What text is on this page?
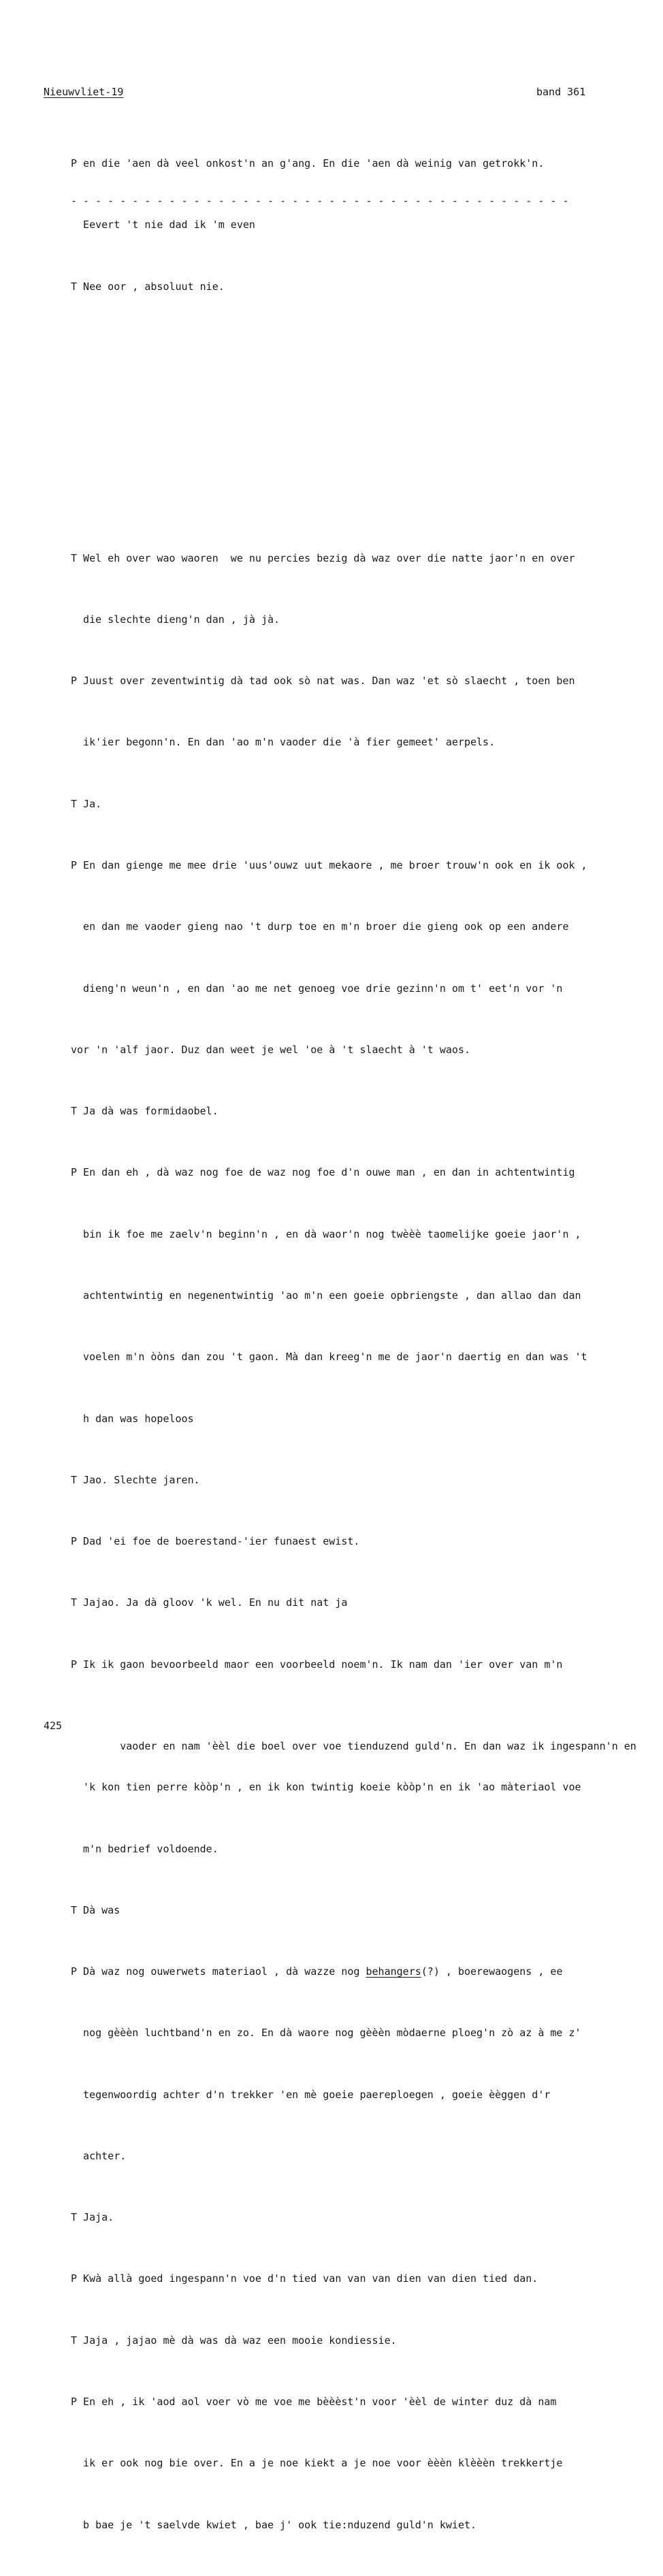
Nieuwvliet-19	band 361

P en die 'aen dà veel onkost'n an g'ang. En die 'aen dà weinig van getrokk'n.

Eevert 't nie dad ik 'm even

T Nee oor , absoluut nie.

T Wel eh over wao waoren  we nu percies bezig dà waz over die natte jaor'n en over

die slechte dieng'n dan , jà jà.

P Juust over zeventwintig dà tad ook sò nat was. Dan waz 'et sò slaecht , toen ben

ik'ier begonn'n. En dan 'ao m'n vaoder die 'à fier gemeet' aerpels.

T Ja.

P En dan gienge me mee drie 'uus'ouwz uut mekaore , me broer trouw'n ook en ik ook ,

en dan me vaoder gieng nao 't durp toe en m'n broer die gieng ook op een andere

dieng'n weun'n , en dan 'ao me net genoeg voe drie gezinn'n om t' eet'n vor 'n

vor 'n 'alf jaor. Duz dan weet je wel 'oe à 't slaecht à 't waos.

T Ja dà was formidaobel.

P En dan eh , dà waz nog foe de waz nog foe d'n ouwe man , en dan in achtentwintig

bin ik foe me zaelv'n beginn'n , en dà waor'n nog twèèè taomelijke goeie jaor'n ,

achtentwintig en negenentwintig 'ao m'n een goeie opbriengste , dan allao dan dan

voelen m'n òòns dan zou 't gaon. Mà dan kreeg'n me de jaor'n daertig en dan was 't

h dan was hopeloos

T Jao. Slechte jaren.

P Dad 'ei foe de boerestand-'ier funaest ewist.

T Jajao. Ja dà gloov 'k wel. En nu dit nat ja

P Ik ik gaon bevoorbeeld maor een voorbeeld noem'n. Ik nam dan 'ier over van m'n

425
vaoder en nam 'èèl die boel over voe tienduzend guld'n. En dan waz ik ingespann'n en

'k kon tien perre kòòp'n , en ik kon twintig koeie kòòp'n en ik 'ao màteriaol voe

m'n bedrief voldoende.

T Dà was

P Dà waz nog ouwerwets materiaol , dà wazze nog behangers(?) , boerewaogens , ee

nog gèèèn luchtband'n en zo. En dà waore nog gèèèn mòdaerne ploeg'n zò az à me z'

tegenwoordig achter d'n trekker 'en mè goeie paereploegen , goeie èèggen d'r

achter.

T Jaja.

P Kwà allà goed ingespann'n voe d'n tied van van van dien van dien tied dan.

T Jaja , jajao mè dà was dà waz een mooie kondiessie.

P En eh , ik 'aod aol voer vò me voe me bèèèst'n voor 'èèl de winter duz dà nam

ik er ook nog bie over. En a je noe kiekt a je noe voor èèèn klèèèn trekkertje

b bae je 't saelvde kwiet , bae j' ook tie:nduzend guld'n kwiet.

- - - - - - - - - - - - - - - - - - - - - - - - - - - - - - - - - - - - - - - - -
